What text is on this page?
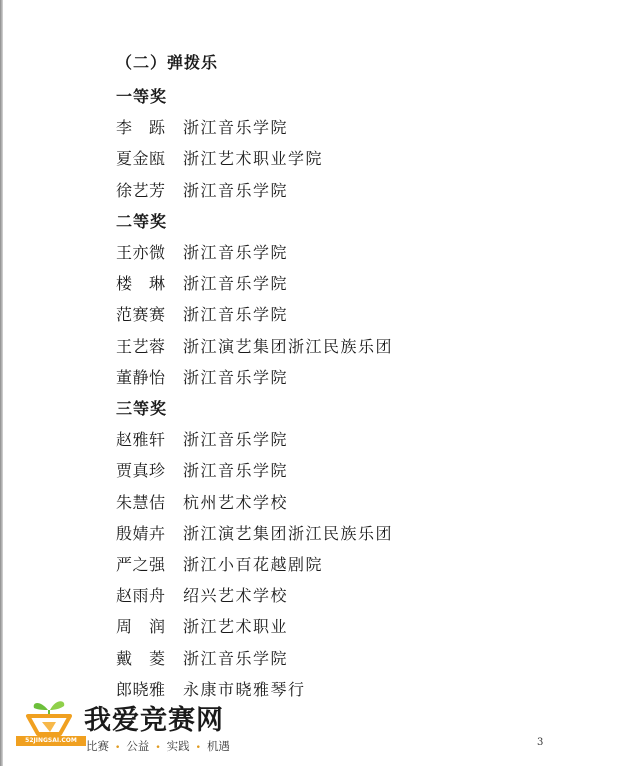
（二）弹拨乐
一等奖
李　跞 浙江音乐学院
夏金瓯 浙江艺术职业学院
徐艺芳 浙江音乐学院
二等奖
王亦微 浙江音乐学院
楼　琳 浙江音乐学院
范赛赛 浙江音乐学院
王艺蓉 浙江演艺集团浙江民族乐团
董静怡 浙江音乐学院
三等奖
赵雅轩 浙江音乐学院
贾真珍 浙江音乐学院
朱慧佶 杭州艺术学校
殷婧卉 浙江演艺集团浙江民族乐团
严之强 浙江小百花越剧院
赵雨舟 绍兴艺术学校
周　润 浙江艺术职业
戴　菱 浙江音乐学院
郎晓雅 永康市晓雅琴行
3
52JINGSAI.COM
我爱竞赛网
比赛 • 公益 • 实践 • 机遇
